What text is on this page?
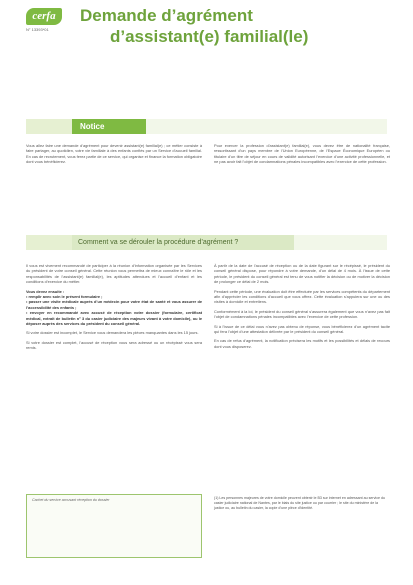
cerfa
N° 13393*01
Demande d’agrément
d’assistant(e) familial(le)
Notice

Vous allez faire une demande d’agrément pour devenir assistant(e) familial(e) ; ce métier consiste à faire partager, au quotidien, votre vie familiale à des enfants confiés par un Service d’accueil familial. En cas de recrutement, vous ferez partie de ce service, qui organise et finance la formation obligatoire dont vous bénéficierez.

Pour exercer la profession d’assistant(e) familial(e), vous devez être de nationalité française, ressortissant d’un pays membre de l’Union Européenne, de l’Espace Économique Européen ou titulaire d’un titre de séjour en cours de validité autorisant l’exercice d’une activité professionnelle, et ne pas avoir fait l’objet de condamnations pénales incompatibles avec l’exercice de cette profession.

Comment va se dérouler la procédure d’agrément ?

Il vous est vivement recommandé de participer à la réunion d’information organisée par les Services du président de votre conseil général. Cette réunion vous permettra de mieux connaître le rôle et les responsabilités de l’assistant(e) familial(e), les aptitudes attendues et l’accueil d’enfant et les conditions d’exercice du métier.

Vous devez ensuite :
• remplir avec soin le présent formulaire ;
• passer une visite médicale auprès d’un médecin pour votre état de santé et vous assurer de l’accessibilité des enfants ;

• envoyer en recommandé avec accusé de réception votre dossier (formulaire, certificat médical, extrait de bulletin n° 3 du casier judiciaire des majeurs vivant à votre domicile), ou le déposer auprès des services du président du conseil général.

Si votre dossier est incomplet, le Service vous demandera les pièces manquantes dans les 15 jours.

Si votre dossier est complet, l’accusé de réception vous sera adressé ou un récépissé vous sera remis.

À partir de la date de l’accusé de réception ou de la date figurant sur le récépissé, le président du conseil général dispose, pour répondre à votre demande, d’un délai de 4 mois. À l’issue de cette période, le président du conseil général est tenu de vous notifier la décision ou de motiver la décision de prolonger ce délai de 2 mois.

Pendant cette période, une évaluation doit être effectuée par les services compétents du département afin d’apprécier les conditions d’accueil que vous offrez. Cette évaluation s’appuiera sur une ou des visites à domicile et entretiens.

Conformément à la loi, le président du conseil général s’assurera également que vous n’avez pas fait l’objet de condamnations pénales incompatibles avec l’exercice de cette profession.

Si à l’issue de ce délai vous n’avez pas obtenu de réponse, vous bénéficierez d’un agrément tacite qui fera l’objet d’une attestation délivrée par le président du conseil général.

En cas de refus d’agrément, la notification précisera les motifs et les possibilités et délais de recours dont vous disposerez.

Cachet du service accusant réception du dossier	(1) Les personnes majeures de votre domicile peuvent obtenir le B3 sur internet en adressant au service du casier judiciaire national de Nantes, par le biais du site justice ou par courrier ; le site du ministère de la justice ou, au bulletin du casier, la copie d’une pièce d’identité.
